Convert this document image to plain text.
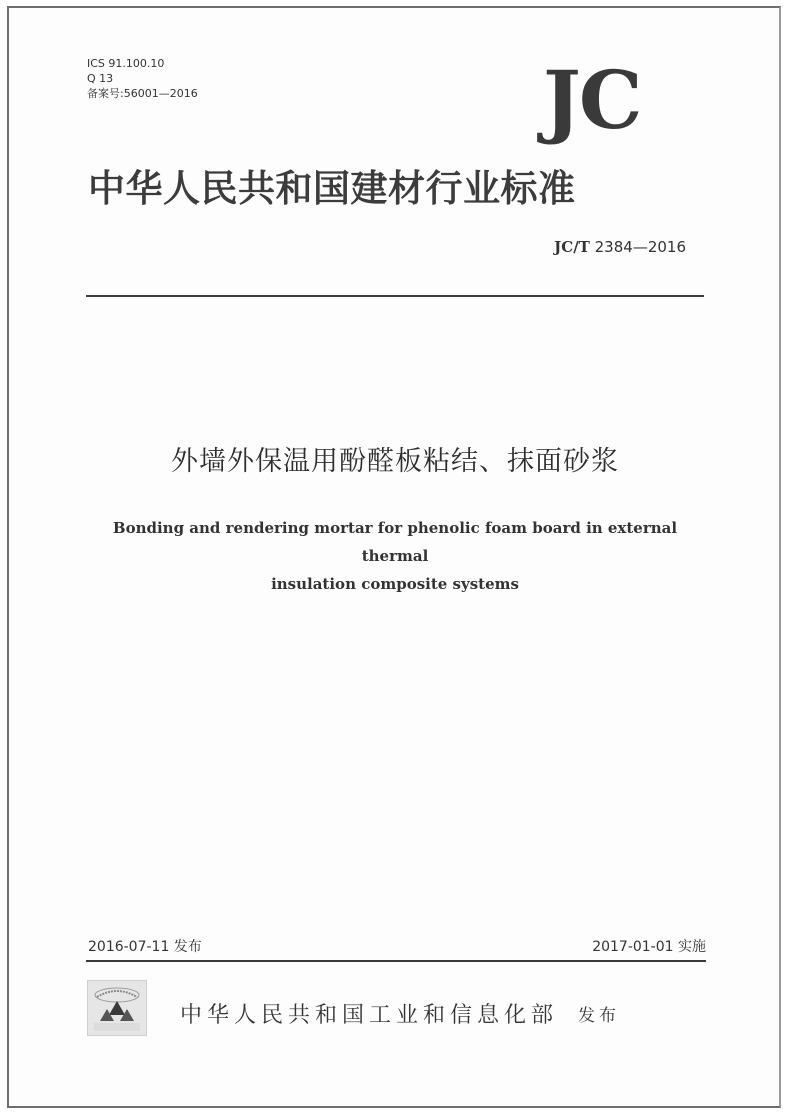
ICS 91.100.10
Q 13
备案号:56001—2016	JC
中华人民共和国建材行业标准
JC/T 2384—2016
外墙外保温用酚醛板粘结、抹面砂浆
Bonding and rendering mortar for phenolic foam board in external thermal
insulation composite systems
2016-07-11 发布	2017-01-01 实施
中华人民共和国工业和信息化部 发布
